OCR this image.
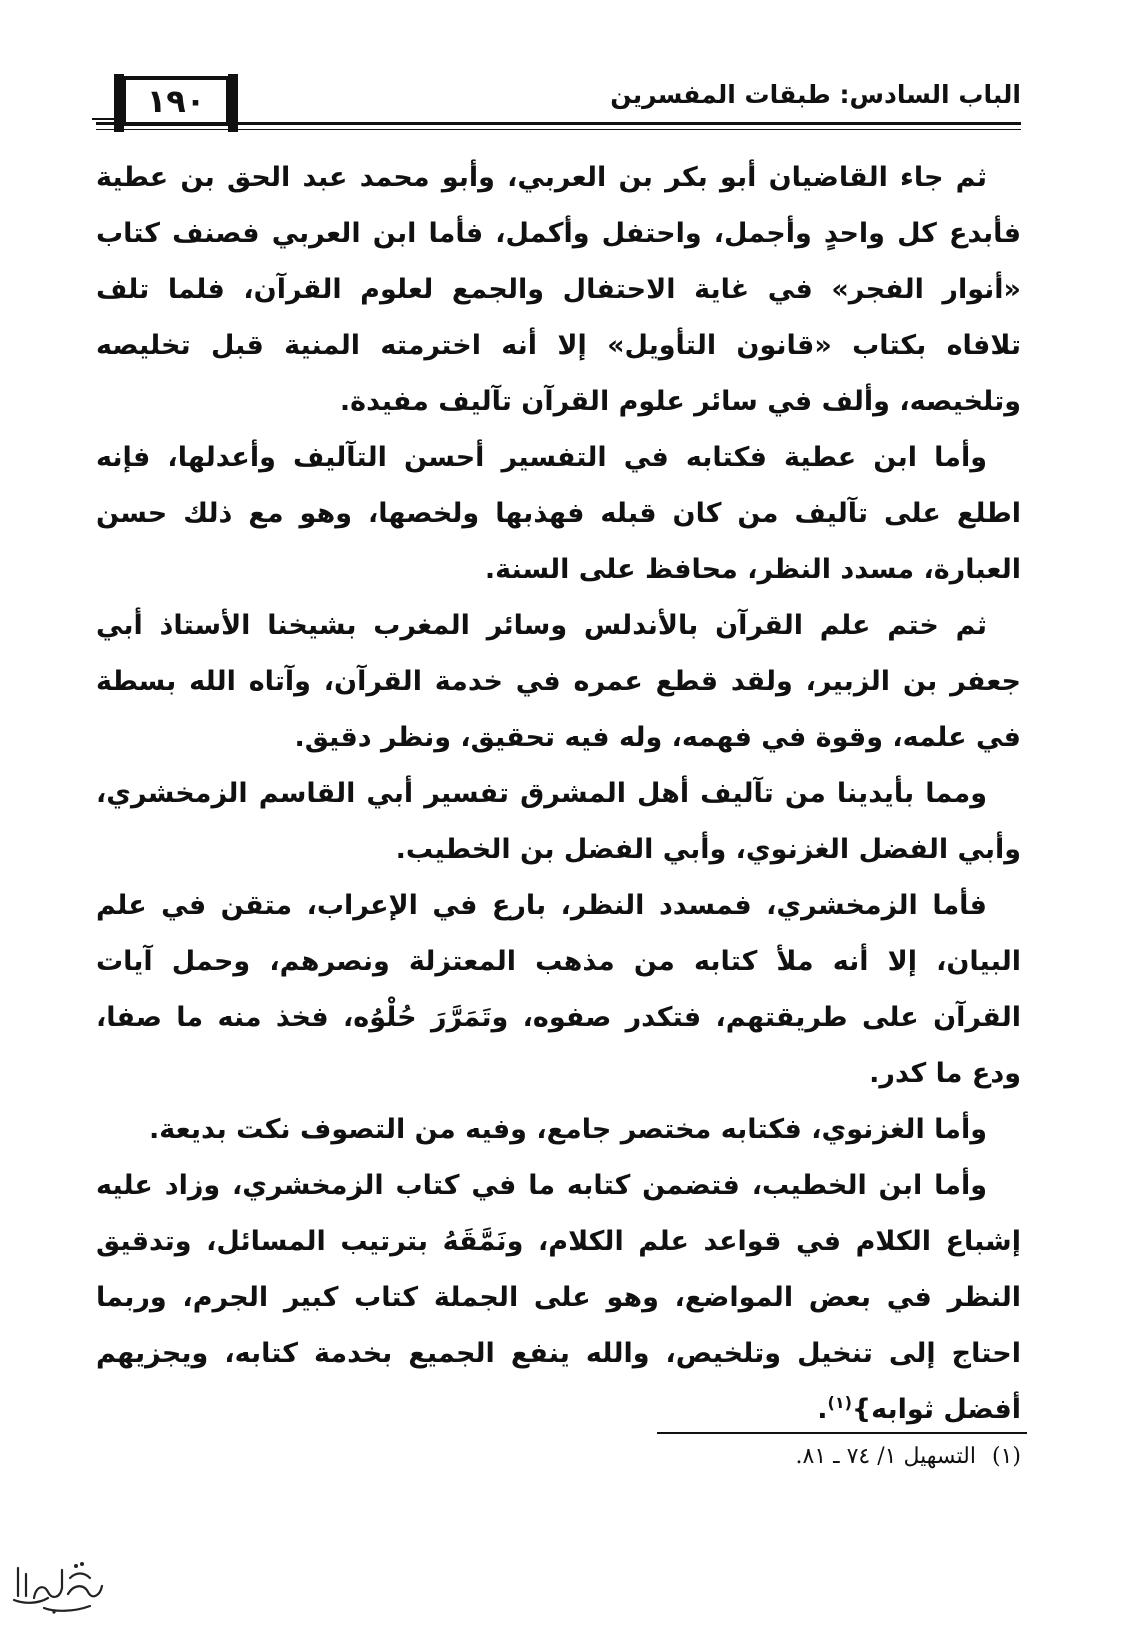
١٩٠	الباب السادس: طبقات المفسرين

ثم جاء القاضيان أبو بكر بن العربي، وأبو محمد عبد الحق بن عطية فأبدع كل واحدٍ وأجمل، واحتفل وأكمل، فأما ابن العربي فصنف كتاب «أنوار الفجر» في غاية الاحتفال والجمع لعلوم القرآن، فلما تلف تلافاه بكتاب «قانون التأويل» إلا أنه اخترمته المنية قبل تخليصه وتلخيصه، وألف في سائر علوم القرآن تآليف مفيدة.

وأما ابن عطية فكتابه في التفسير أحسن التآليف وأعدلها، فإنه اطلع على تآليف من كان قبله فهذبها ولخصها، وهو مع ذلك حسن العبارة، مسدد النظر، محافظ على السنة.

ثم ختم علم القرآن بالأندلس وسائر المغرب بشيخنا الأستاذ أبي جعفر بن الزبير، ولقد قطع عمره في خدمة القرآن، وآتاه الله بسطة في علمه، وقوة في فهمه، وله فيه تحقيق، ونظر دقيق.

ومما بأيدينا من تآليف أهل المشرق تفسير أبي القاسم الزمخشري، وأبي الفضل الغزنوي، وأبي الفضل بن الخطيب.

فأما الزمخشري، فمسدد النظر، بارع في الإعراب، متقن في علم البيان، إلا أنه ملأ كتابه من مذهب المعتزلة ونصرهم، وحمل آيات القرآن على طريقتهم، فتكدر صفوه، وتَمَرَّرَ حُلْوُه، فخذ منه ما صفا، ودع ما كدر.

وأما الغزنوي، فكتابه مختصر جامع، وفيه من التصوف نكت بديعة.

وأما ابن الخطيب، فتضمن كتابه ما في كتاب الزمخشري، وزاد عليه إشباع الكلام في قواعد علم الكلام، ونَمَّقَهُ بترتيب المسائل، وتدقيق النظر في بعض المواضع، وهو على الجملة كتاب كبير الجرم، وربما احتاج إلى تنخيل وتلخيص، والله ينفع الجميع بخدمة كتابه، ويجزيهم أفضل ثوابه}$^{(١)}$.

(١)التسهيل ١/ ٧٤ ـ ٨١.
